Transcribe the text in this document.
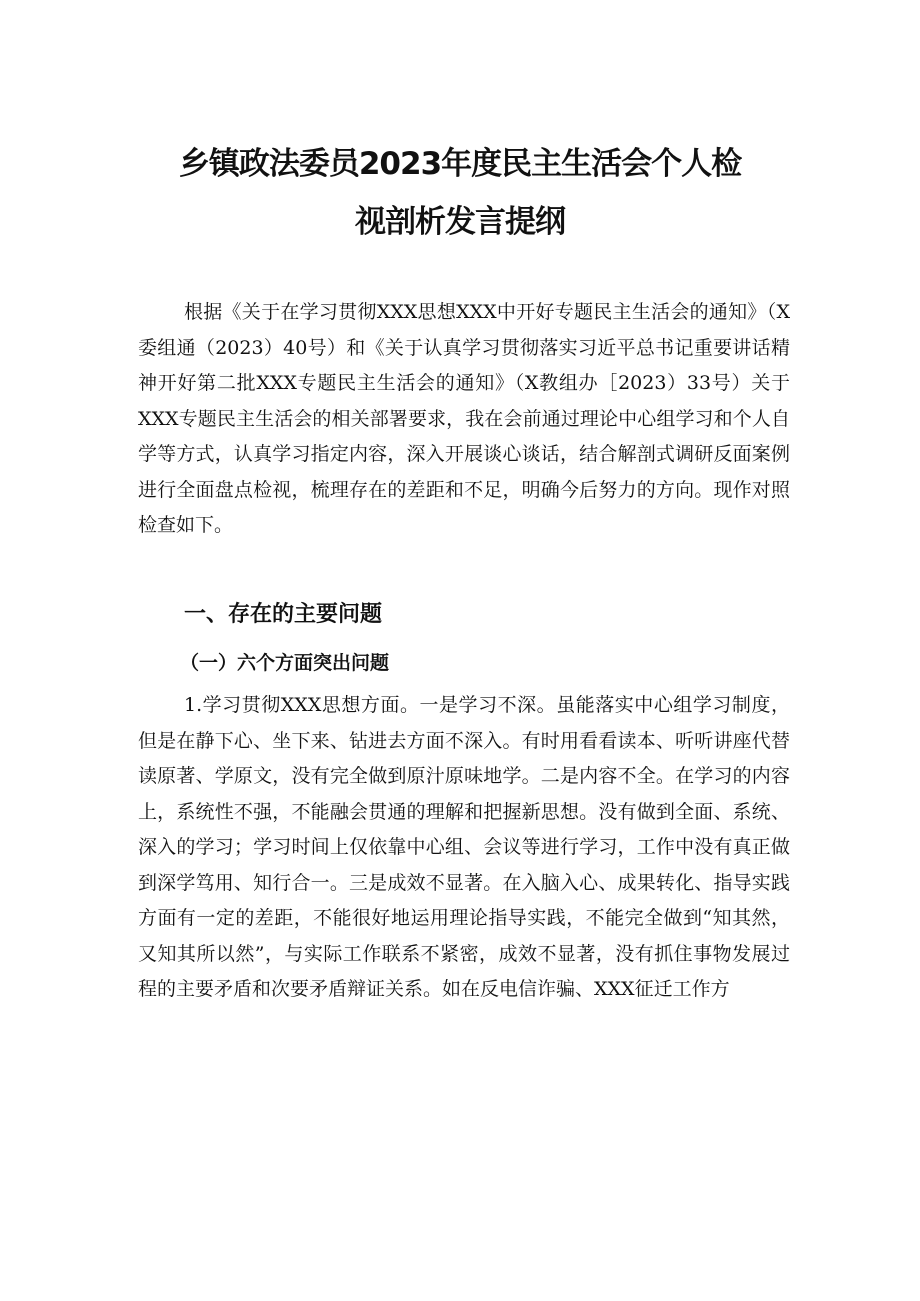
乡镇政法委员2023年度民主生活会个人检
视剖析发言提纲

根据《关于在学习贯彻XXX思想XXX中开好专题民主生活会的通知》（X委组通（2023）40号）和《关于认真学习贯彻落实习近平总书记重要讲话精神开好第二批XXX专题民主生活会的通知》（X教组办［2023）33号）关于XXX专题民主生活会的相关部署要求，我在会前通过理论中心组学习和个人自学等方式，认真学习指定内容，深入开展谈心谈话，结合解剖式调研反面案例进行全面盘点检视，梳理存在的差距和不足，明确今后努力的方向。现作对照检查如下。

一、存在的主要问题
（一）六个方面突出问题

1.学习贯彻XXX思想方面。一是学习不深。虽能落实中心组学习制度，但是在静下心、坐下来、钻进去方面不深入。有时用看看读本、听听讲座代替读原著、学原文，没有完全做到原汁原味地学。二是内容不全。在学习的内容上，系统性不强，不能融会贯通的理解和把握新思想。没有做到全面、系统、深入的学习；学习时间上仅依靠中心组、会议等进行学习，工作中没有真正做到深学笃用、知行合一。三是成效不显著。在入脑入心、成果转化、指导实践方面有一定的差距，不能很好地运用理论指导实践，不能完全做到“知其然，又知其所以然”，与实际工作联系不紧密，成效不显著，没有抓住事物发展过程的主要矛盾和次要矛盾辩证关系。如在反电信诈骗、XXX征迁工作方
